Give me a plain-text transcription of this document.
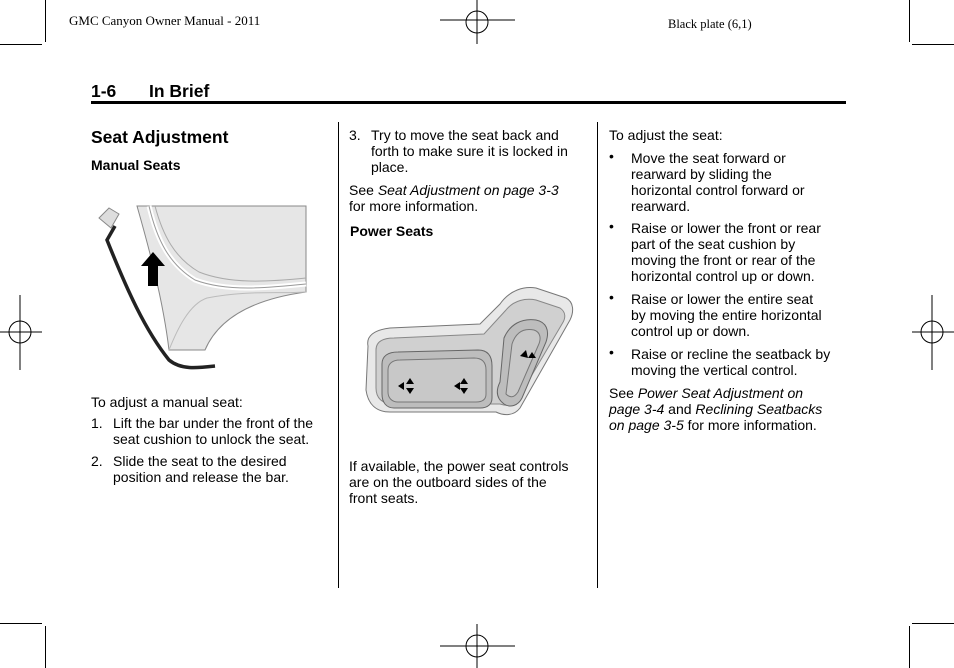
GMC Canyon Owner Manual - 2011	Black plate (6,1)
1-6 In Brief
Seat Adjustment
Manual Seats
To adjust a manual seat:
1. Lift the bar under the front of the
seat cushion to unlock the seat.
2. Slide the seat to the desired
position and release the bar.
3. Try to move the seat back and
forth to make sure it is locked in
place.
See Seat Adjustment on page 3-3
for more information.
Power Seats
If available, the power seat controls
are on the outboard sides of the
front seats.
To adjust the seat:
• Move the seat forward or
rearward by sliding the
horizontal control forward or
rearward.
• Raise or lower the front or rear
part of the seat cushion by
moving the front or rear of the
horizontal control up or down.
• Raise or lower the entire seat
by moving the entire horizontal
control up or down.
• Raise or recline the seatback by
moving the vertical control.
See Power Seat Adjustment on
page 3-4 and Reclining Seatbacks
on page 3-5 for more information.
